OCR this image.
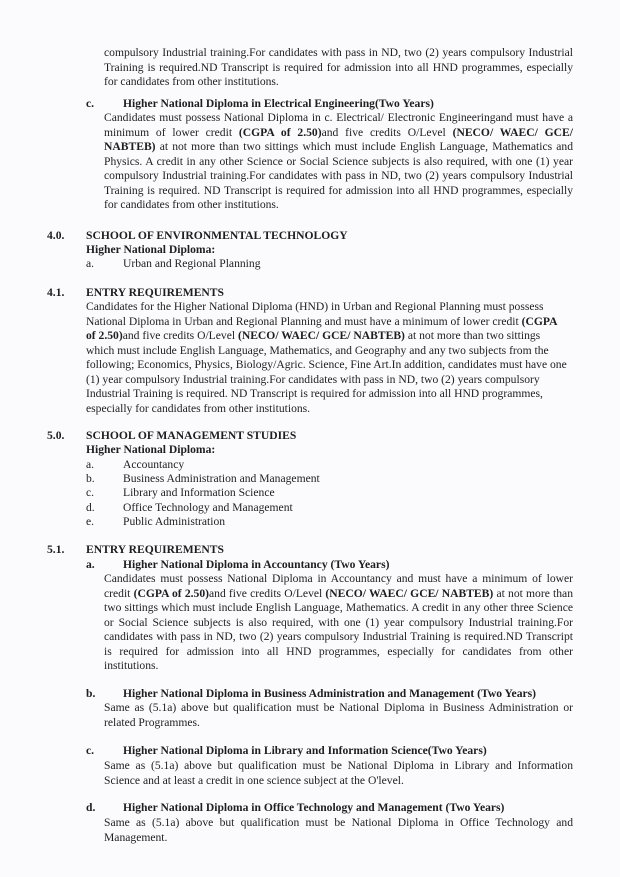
compulsory Industrial training.For candidates with pass in ND, two (2) years compulsory Industrial Training is required.ND Transcript is required for admission into all HND programmes, especially for candidates from other institutions.
c. Higher National Diploma in Electrical Engineering(Two Years)
Candidates must possess National Diploma in c. Electrical/ Electronic Engineeringand must have a minimum of lower credit (CGPA of 2.50)and five credits O/Level (NECO/ WAEC/ GCE/ NABTEB) at not more than two sittings which must include English Language, Mathematics and Physics. A credit in any other Science or Social Science subjects is also required, with one (1) year compulsory Industrial training.For candidates with pass in ND, two (2) years compulsory Industrial Training is required. ND Transcript is required for admission into all HND programmes, especially for candidates from other institutions.
4.0. SCHOOL OF ENVIRONMENTAL TECHNOLOGY
Higher National Diploma:
a. Urban and Regional Planning
4.1. ENTRY REQUIREMENTS
Candidates for the Higher National Diploma (HND) in Urban and Regional Planning must possess National Diploma in Urban and Regional Planning and must have a minimum of lower credit (CGPA of 2.50)and five credits O/Level (NECO/ WAEC/ GCE/ NABTEB) at not more than two sittings which must include English Language, Mathematics, and Geography and any two subjects from the following; Economics, Physics, Biology/Agric. Science, Fine Art.In addition, candidates must have one (1) year compulsory Industrial training.For candidates with pass in ND, two (2) years compulsory Industrial Training is required. ND Transcript is required for admission into all HND programmes, especially for candidates from other institutions.
5.0. SCHOOL OF MANAGEMENT STUDIES
Higher National Diploma:
a. Accountancy
b. Business Administration and Management
c. Library and Information Science
d. Office Technology and Management
e. Public Administration
5.1. ENTRY REQUIREMENTS
a. Higher National Diploma in Accountancy (Two Years)
Candidates must possess National Diploma in Accountancy and must have a minimum of lower credit (CGPA of 2.50)and five credits O/Level (NECO/ WAEC/ GCE/ NABTEB) at not more than two sittings which must include English Language, Mathematics. A credit in any other three Science or Social Science subjects is also required, with one (1) year compulsory Industrial training.For candidates with pass in ND, two (2) years compulsory Industrial Training is required.ND Transcript is required for admission into all HND programmes, especially for candidates from other institutions.
b. Higher National Diploma in Business Administration and Management (Two Years)
Same as (5.1a) above but qualification must be National Diploma in Business Administration or related Programmes.
c. Higher National Diploma in Library and Information Science(Two Years)
Same as (5.1a) above but qualification must be National Diploma in Library and Information Science and at least a credit in one science subject at the O'level.
d. Higher National Diploma in Office Technology and Management (Two Years)
Same as (5.1a) above but qualification must be National Diploma in Office Technology and Management.
